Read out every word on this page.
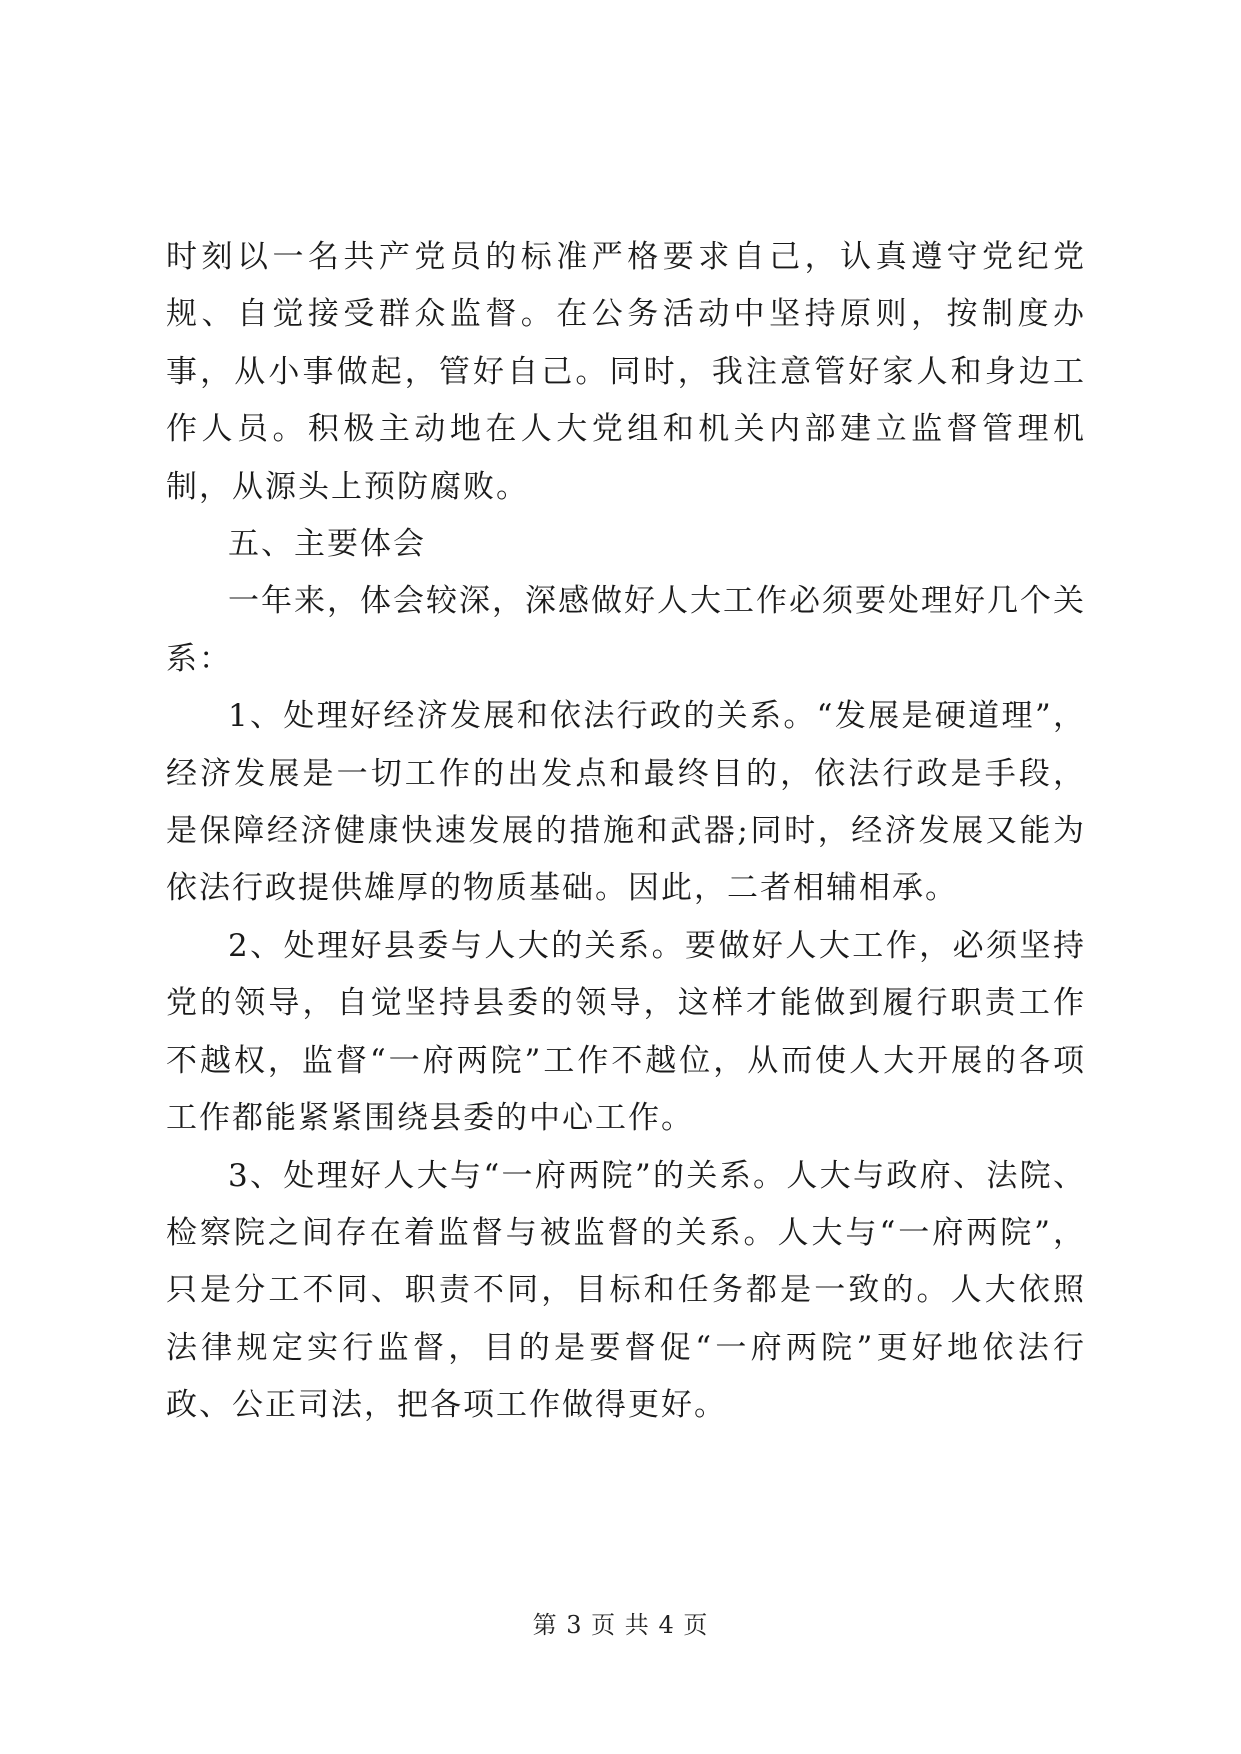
时刻以一名共产党员的标准严格要求自己，认真遵守党纪党规、自觉接受群众监督。在公务活动中坚持原则，按制度办事，从小事做起，管好自己。同时，我注意管好家人和身边工作人员。积极主动地在人大党组和机关内部建立监督管理机制，从源头上预防腐败。

五、主要体会

一年来，体会较深，深感做好人大工作必须要处理好几个关系：

1、处理好经济发展和依法行政的关系。“发展是硬道理”，经济发展是一切工作的出发点和最终目的，依法行政是手段，是保障经济健康快速发展的措施和武器;同时，经济发展又能为依法行政提供雄厚的物质基础。因此，二者相辅相承。

2、处理好县委与人大的关系。要做好人大工作，必须坚持党的领导，自觉坚持县委的领导，这样才能做到履行职责工作不越权，监督“一府两院”工作不越位，从而使人大开展的各项工作都能紧紧围绕县委的中心工作。

3、处理好人大与“一府两院”的关系。人大与政府、法院、检察院之间存在着监督与被监督的关系。人大与“一府两院”，只是分工不同、职责不同，目标和任务都是一致的。人大依照法律规定实行监督，目的是要督促“一府两院”更好地依法行政、公正司法，把各项工作做得更好。

第 3 页 共 4 页
